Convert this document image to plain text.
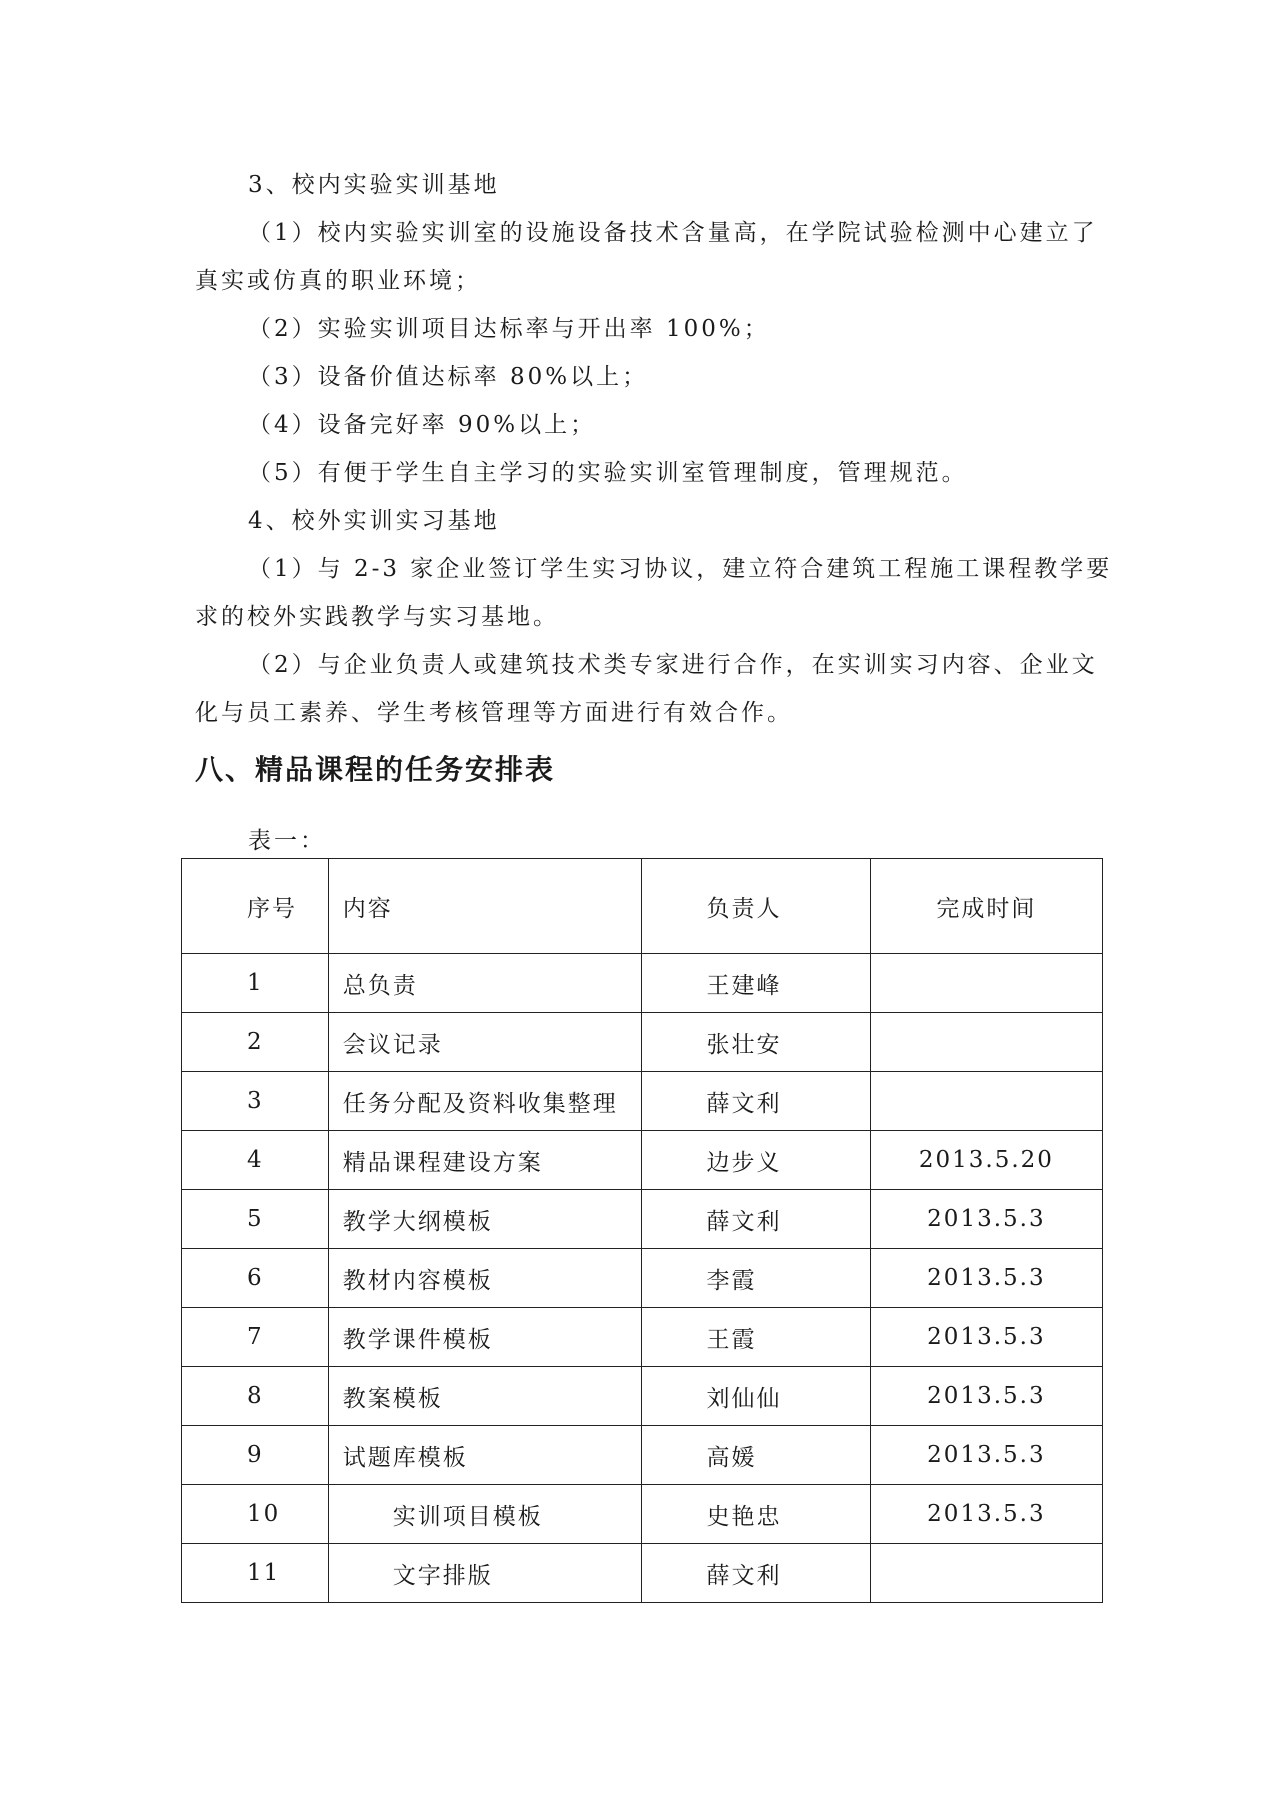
3、校内实验实训基地
（1）校内实验实训室的设施设备技术含量高，在学院试验检测中心建立了
真实或仿真的职业环境；
（2）实验实训项目达标率与开出率 100%；
（3）设备价值达标率 80%以上；
（4）设备完好率 90%以上；
（5）有便于学生自主学习的实验实训室管理制度，管理规范。
4、校外实训实习基地
（1）与 2-3 家企业签订学生实习协议，建立符合建筑工程施工课程教学要
求的校外实践教学与实习基地。
（2）与企业负责人或建筑技术类专家进行合作，在实训实习内容、企业文
化与员工素养、学生考核管理等方面进行有效合作。
八、精品课程的任务安排表
表一：
序号	内容	负责人	完成时间
1	总负责	王建峰	
2	会议记录	张壮安	
3	任务分配及资料收集整理	薛文利	
4	精品课程建设方案	边步义	2013.5.20
5	教学大纲模板	薛文利	2013.5.3
6	教材内容模板	李霞	2013.5.3
7	教学课件模板	王霞	2013.5.3
8	教案模板	刘仙仙	2013.5.3
9	试题库模板	高媛	2013.5.3
10	实训项目模板	史艳忠	2013.5.3
11	文字排版	薛文利	
